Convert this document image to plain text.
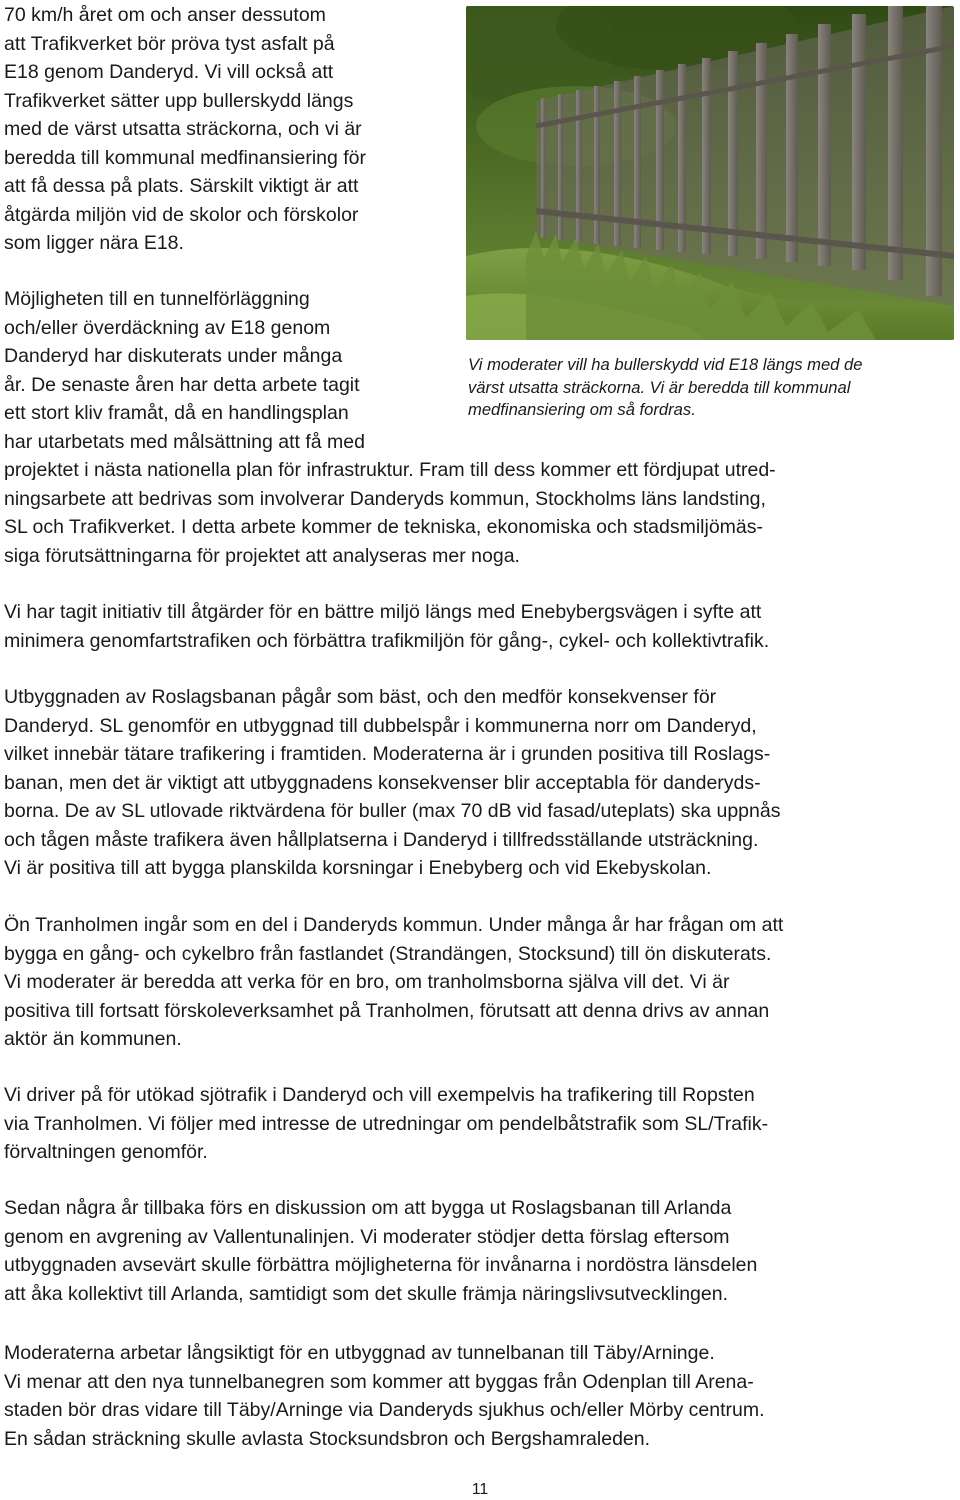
70 km/h året om och anser dessutom
att Trafikverket bör pröva tyst asfalt på
E18 genom Danderyd. Vi vill också att
Trafikverket sätter upp bullerskydd längs
med de värst utsatta sträckorna, och vi är
beredda till kommunal medfinansiering för
att få dessa på plats. Särskilt viktigt är att
åtgärda miljön vid de skolor och förskolor
som ligger nära E18.

Möjligheten till en tunnelförläggning
och/eller överdäckning av E18 genom
Danderyd har diskuterats under många
år. De senaste åren har detta arbete tagit
ett stort kliv framåt, då en handlingsplan
har utarbetats med målsättning att få med
projektet i nästa nationella plan för infrastruktur. Fram till dess kommer ett fördjupat utred-
ningsarbete att bedrivas som involverar Danderyds kommun, Stockholms läns landsting,
SL och Trafikverket. I detta arbete kommer de tekniska, ekonomiska och stadsmiljömäs-
siga förutsättningarna för projektet att analyseras mer noga.

Vi har tagit initiativ till åtgärder för en bättre miljö längs med Enebybergsvägen i syfte att
minimera genomfartstrafiken och förbättra trafikmiljön för gång-, cykel- och kollektivtrafik.

Utbyggnaden av Roslagsbanan pågår som bäst, och den medför konsekvenser för
Danderyd. SL genomför en utbyggnad till dubbelspår i kommunerna norr om Danderyd,
vilket innebär tätare trafikering i framtiden. Moderaterna är i grunden positiva till Roslags-
banan, men det är viktigt att utbyggnadens konsekvenser blir acceptabla för danderyds-
borna. De av SL utlovade riktvärdena för buller (max 70 dB vid fasad/uteplats) ska uppnås
och tågen måste trafikera även hållplatserna i Danderyd i tillfredsställande utsträckning.
Vi är positiva till att bygga planskilda korsningar i Enebyberg och vid Ekebyskolan.

Ön Tranholmen ingår som en del i Danderyds kommun. Under många år har frågan om att
bygga en gång- och cykelbro från fastlandet (Strandängen, Stocksund) till ön diskuterats.
Vi moderater är beredda att verka för en bro, om tranholmsborna själva vill det. Vi är
positiva till fortsatt förskoleverksamhet på Tranholmen, förutsatt att denna drivs av annan
aktör än kommunen.

Vi driver på för utökad sjötrafik i Danderyd och vill exempelvis ha trafikering till Ropsten
via Tranholmen. Vi följer med intresse de utredningar om pendelbåtstrafik som SL/Trafik-
förvaltningen genomför.

Sedan några år tillbaka förs en diskussion om att bygga ut Roslagsbanan till Arlanda
genom en avgrening av Vallentunalinjen. Vi moderater stödjer detta förslag eftersom
utbyggnaden avsevärt skulle förbättra möjligheterna för invånarna i nordöstra länsdelen
att åka kollektivt till Arlanda, samtidigt som det skulle främja näringslivsutvecklingen.

Moderaterna arbetar långsiktigt för en utbyggnad av tunnelbanan till Täby/Arninge.
Vi menar att den nya tunnelbanegren som kommer att byggas från Odenplan till Arena-
staden bör dras vidare till Täby/Arninge via Danderyds sjukhus och/eller Mörby centrum.
En sådan sträckning skulle avlasta Stocksundsbron och Bergshamraleden.

Vi moderater vill ha bullerskydd vid E18 längs med de
värst utsatta sträckorna. Vi är beredda till kommunal
medfinansiering om så fordras.

11
